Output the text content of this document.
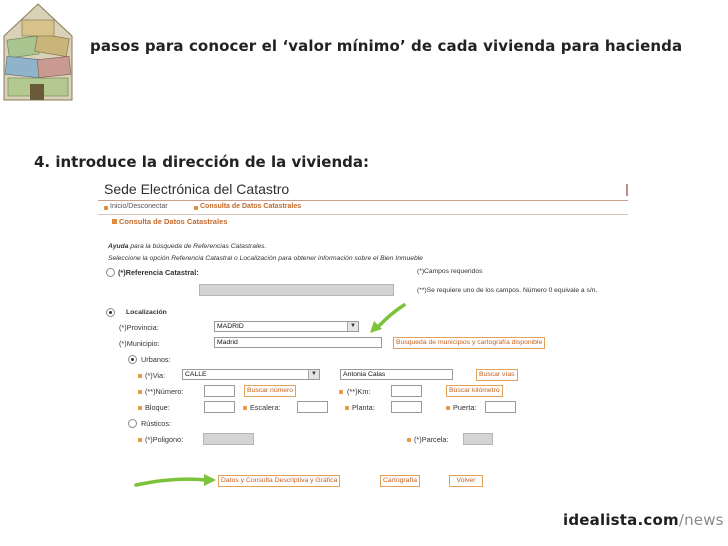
pasos para conocer el ‘valor mínimo’ de cada vivienda para hacienda
4. introduce la dirección de la vivienda:
Sede Electrónica del Catastro
Inicio/Desconectar	Consulta de Datos Catastrales
Consulta de Datos Catastrales
Ayuda para la búsqueda de Referencias Catastrales.
Seleccione la opción Referencia Catastral o Localización para obtener información sobre el Bien Inmueble
(*)Referencia Catastral:	(*)Campos requeridos
(**)Se requiere uno de los campos. Número 0 equivale a s/n.
Localización
(*)Provincia:	MADRID	▼
(*)Municipio:	Madrid	Busqueda de municipios y cartografía disponible
Urbanos:
(*)Via:	CALLE	▼	Antonia Calas	Buscar vías
(**)Número:	Buscar número	(**)Km:	Buscar kilómetro
Bloque:	Escalera:	Planta:	Puerta:
Rústicos:
(*)Poligono:	(*)Parcela:
Datos y Consulta Descriptiva y Gráfica	Cartografía	Volver
idealista.com/news
